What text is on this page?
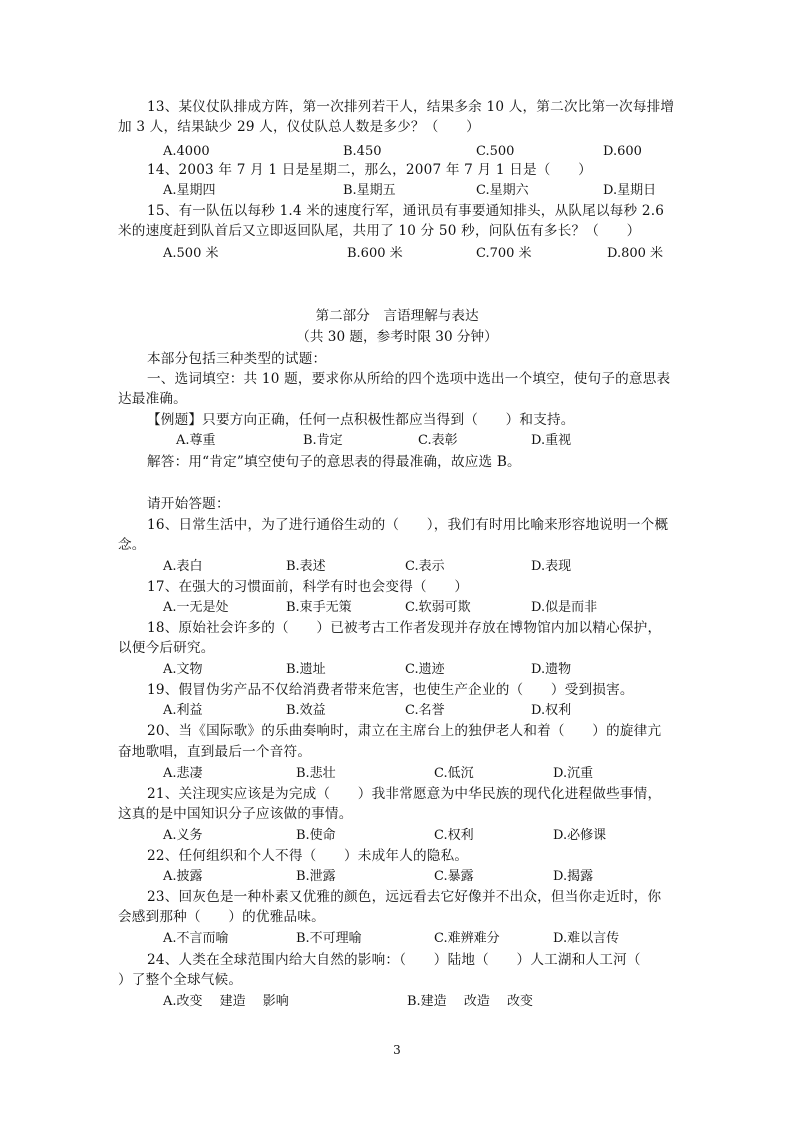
13、某仪仗队排成方阵，第一次排列若干人，结果多余 10 人，第二次比第一次每排增
加 3 人，结果缺少 29 人，仪仗队总人数是多少？（　　）
A.4000	B.450	C.500	D.600
14、2003 年 7 月 1 日是星期二，那么，2007 年 7 月 1 日是（　　）
A.星期四	B.星期五	C.星期六	D.星期日
15、有一队伍以每秒 1.4 米的速度行军，通讯员有事要通知排头，从队尾以每秒 2.6
米的速度赶到队首后又立即返回队尾，共用了 10 分 50 秒，问队伍有多长？（　　）
A.500 米	B.600 米	C.700 米	D.800 米
第二部分　言语理解与表达
（共 30 题，参考时限 30 分钟）
本部分包括三种类型的试题：
一、选词填空：共 10 题，要求你从所给的四个选项中选出一个填空，使句子的意思表
达最准确。
【例题】只要方向正确，任何一点积极性都应当得到（　　）和支持。
A.尊重	B.肯定	C.表彰	D.重视
解答：用“肯定”填空使句子的意思表的得最准确，故应选 B。
请开始答题：
16、日常生活中，为了进行通俗生动的（　　），我们有时用比喻来形容地说明一个概
念。
A.表白	B.表述	C.表示	D.表现
17、在强大的习惯面前，科学有时也会变得（　　）
A.一无是处	B.束手无策	C.软弱可欺	D.似是而非
18、原始社会许多的（　　）已被考古工作者发现并存放在博物馆内加以精心保护，
以便今后研究。
A.文物	B.遗址	C.遗迹	D.遗物
19、假冒伪劣产品不仅给消费者带来危害，也使生产企业的（　　）受到损害。
A.利益	B.效益	C.名誉	D.权利
20、当《国际歌》的乐曲奏响时，肃立在主席台上的独伊老人和着（　　）的旋律亢
奋地歌唱，直到最后一个音符。
A.悲凄	B.悲壮	C.低沉	D.沉重
21、关注现实应该是为完成（　　）我非常愿意为中华民族的现代化进程做些事情，
这真的是中国知识分子应该做的事情。
A.义务	B.使命	C.权利	D.必修课
22、任何组织和个人不得（　　）未成年人的隐私。
A.披露	B.泄露	C.暴露	D.揭露
23、回灰色是一种朴素又优雅的颜色，远远看去它好像并不出众，但当你走近时，你
会感到那种（　　）的优雅品味。
A.不言而喻	B.不可理喻	C.难辨难分	D.难以言传
24、人类在全球范围内给大自然的影响：（　　）陆地（　　）人工湖和人工河（
）了整个全球气候。
A.改变　 建造　 影响	B.建造　 改造　 改变
3
